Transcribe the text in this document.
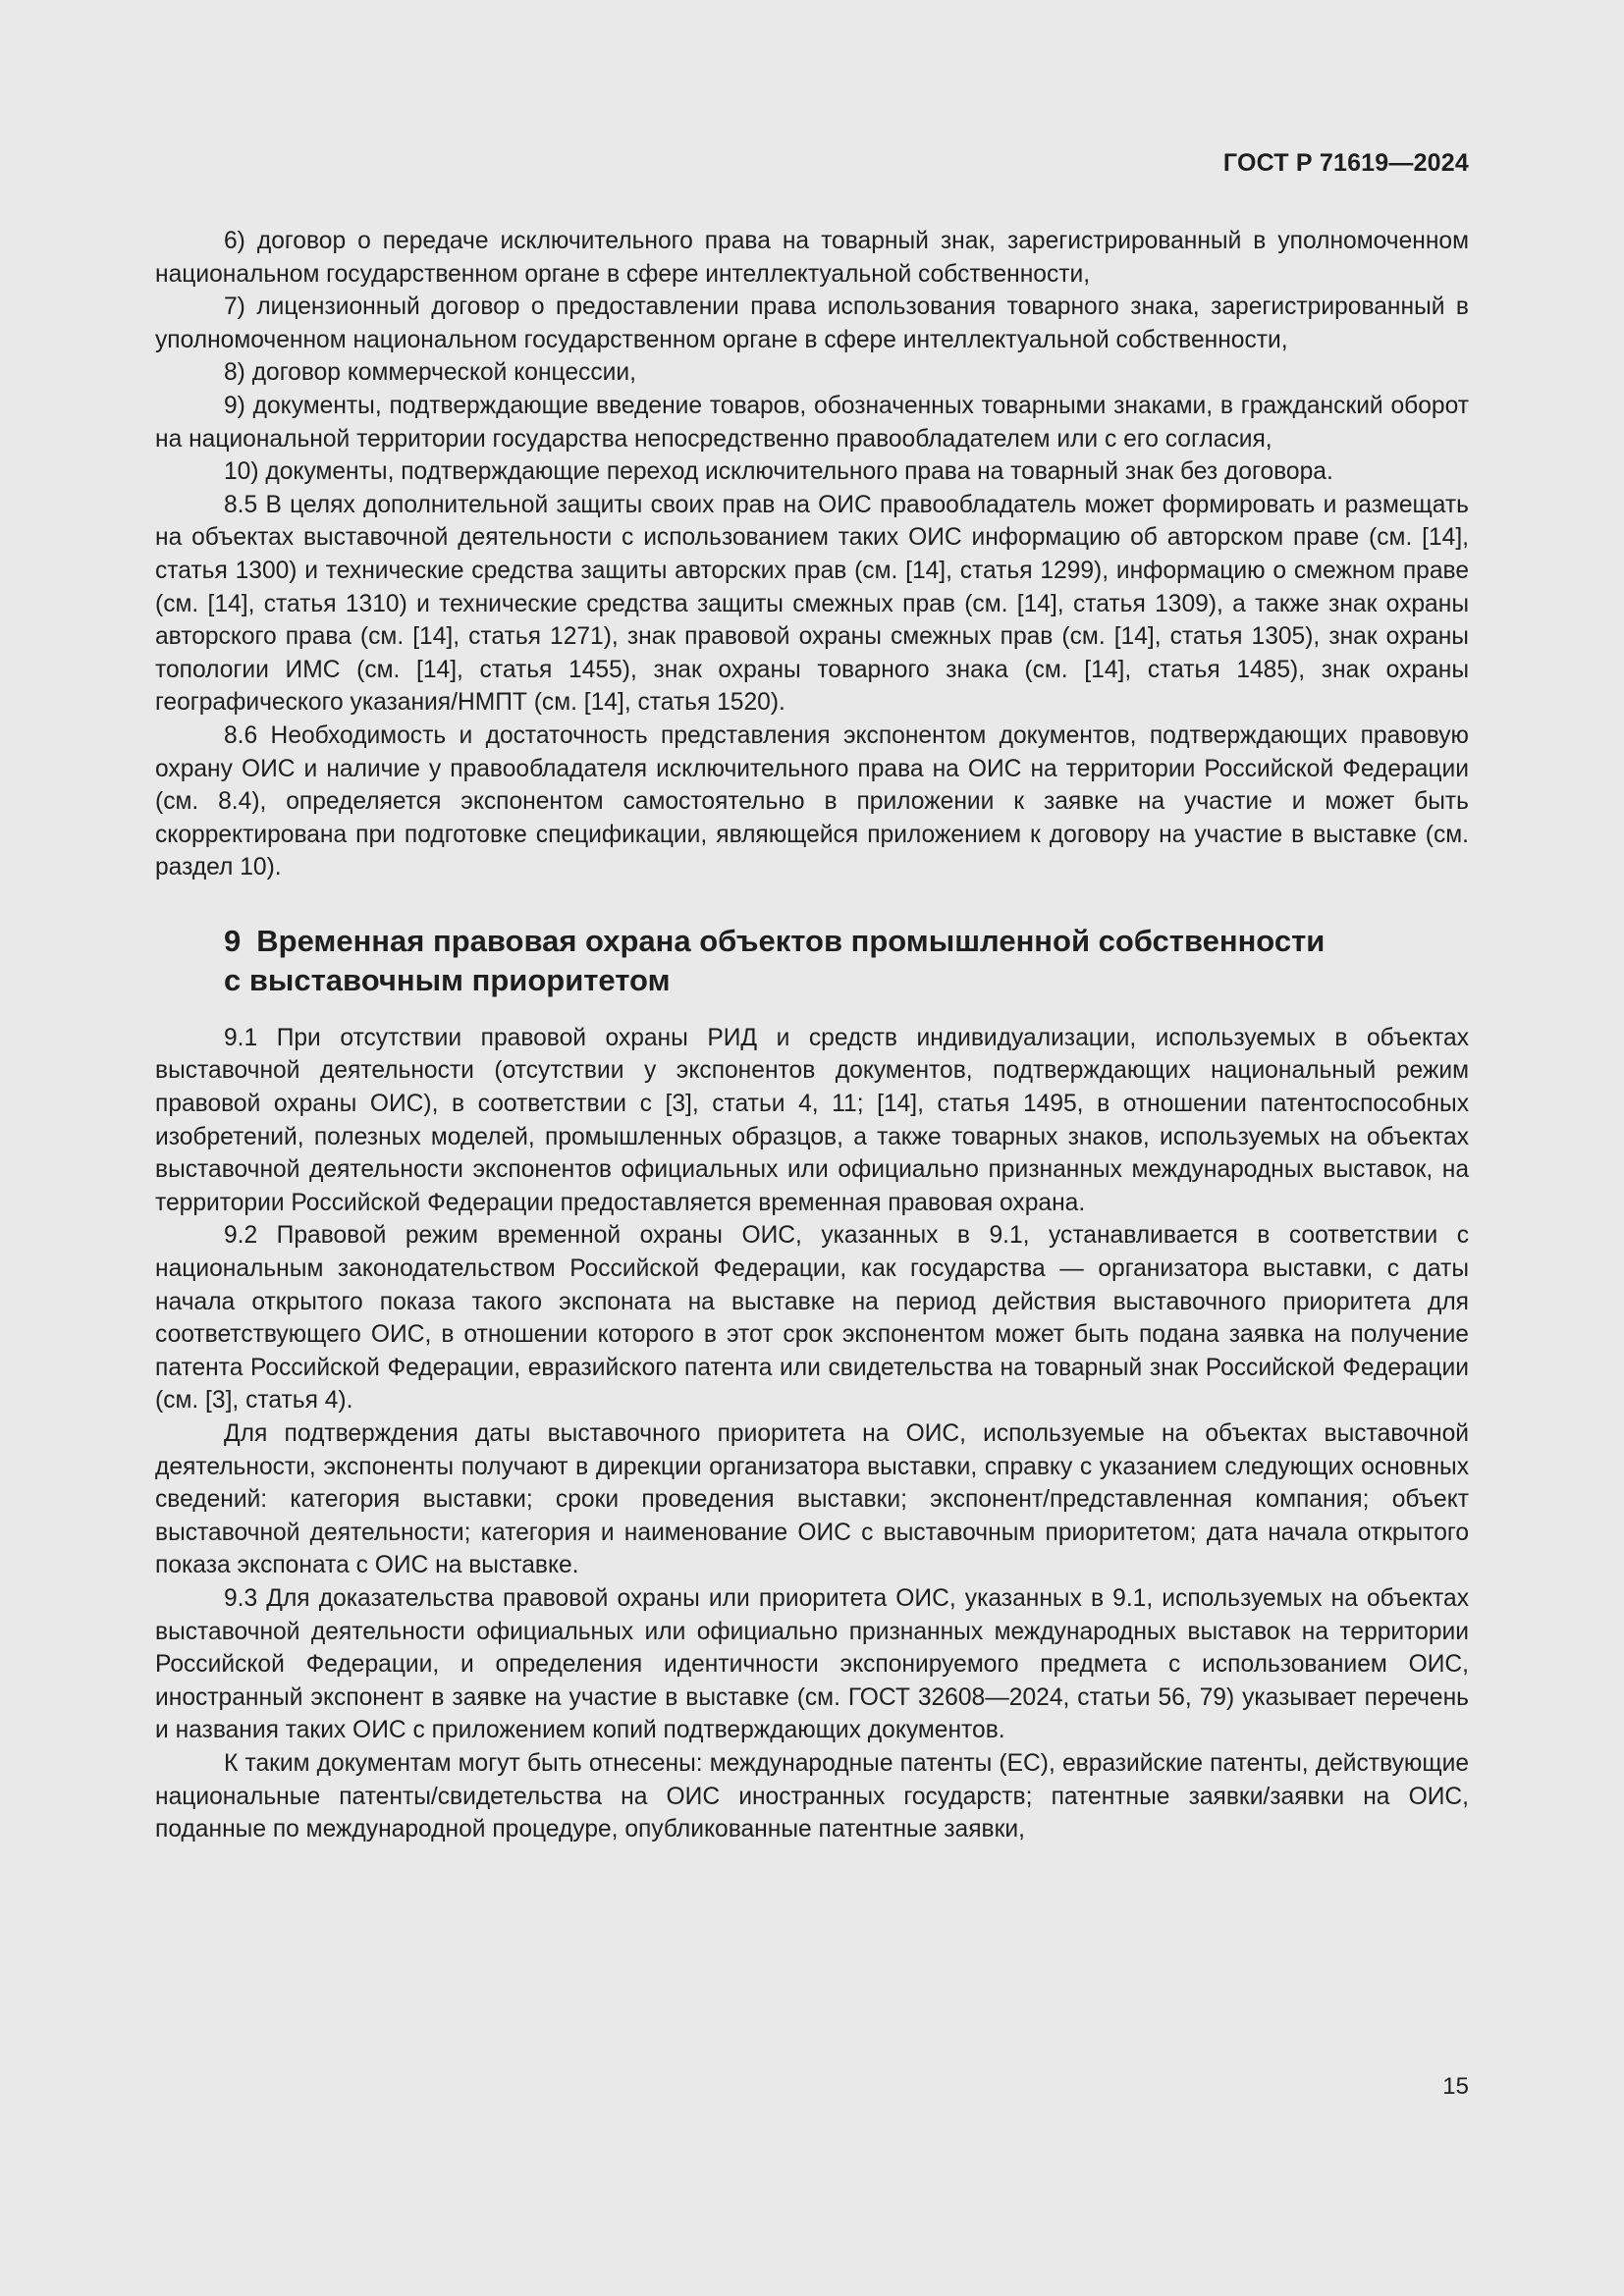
ГОСТ Р 71619—2024

6) договор о передаче исключительного права на товарный знак, зарегистрированный в уполномоченном национальном государственном органе в сфере интеллектуальной собственности,

7) лицензионный договор о предоставлении права использования товарного знака, зарегистрированный в уполномоченном национальном государственном органе в сфере интеллектуальной собственности,

8) договор коммерческой концессии,

9) документы, подтверждающие введение товаров, обозначенных товарными знаками, в гражданский оборот на национальной территории государства непосредственно правообладателем или с его согласия,

10) документы, подтверждающие переход исключительного права на товарный знак без договора.

8.5 В целях дополнительной защиты своих прав на ОИС правообладатель может формировать и размещать на объектах выставочной деятельности с использованием таких ОИС информацию об авторском праве (см. [14], статья 1300) и технические средства защиты авторских прав (см. [14], статья 1299), информацию о смежном праве (см. [14], статья 1310) и технические средства защиты смежных прав (см. [14], статья 1309), а также знак охраны авторского права (см. [14], статья 1271), знак правовой охраны смежных прав (см. [14], статья 1305), знак охраны топологии ИМС (см. [14], статья 1455), знак охраны товарного знака (см. [14], статья 1485), знак охраны географического указания/НМПТ (см. [14], статья 1520).

8.6 Необходимость и достаточность представления экспонентом документов, подтверждающих правовую охрану ОИС и наличие у правообладателя исключительного права на ОИС на территории Российской Федерации (см. 8.4), определяется экспонентом самостоятельно в приложении к заявке на участие и может быть скорректирована при подготовке спецификации, являющейся приложением к договору на участие в выставке (см. раздел 10).

9 Временная правовая охрана объектов промышленной собственности
с выставочным приоритетом

9.1 При отсутствии правовой охраны РИД и средств индивидуализации, используемых в объектах выставочной деятельности (отсутствии у экспонентов документов, подтверждающих национальный режим правовой охраны ОИС), в соответствии с [3], статьи 4, 11; [14], статья 1495, в отношении патентоспособных изобретений, полезных моделей, промышленных образцов, а также товарных знаков, используемых на объектах выставочной деятельности экспонентов официальных или официально признанных международных выставок, на территории Российской Федерации предоставляется временная правовая охрана.

9.2 Правовой режим временной охраны ОИС, указанных в 9.1, устанавливается в соответствии с национальным законодательством Российской Федерации, как государства — организатора выставки, с даты начала открытого показа такого экспоната на выставке на период действия выставочного приоритета для соответствующего ОИС, в отношении которого в этот срок экспонентом может быть подана заявка на получение патента Российской Федерации, евразийского патента или свидетельства на товарный знак Российской Федерации (см. [3], статья 4).

Для подтверждения даты выставочного приоритета на ОИС, используемые на объектах выставочной деятельности, экспоненты получают в дирекции организатора выставки, справку с указанием следующих основных сведений: категория выставки; сроки проведения выставки; экспонент/представленная компания; объект выставочной деятельности; категория и наименование ОИС с выставочным приоритетом; дата начала открытого показа экспоната с ОИС на выставке.

9.3 Для доказательства правовой охраны или приоритета ОИС, указанных в 9.1, используемых на объектах выставочной деятельности официальных или официально признанных международных выставок на территории Российской Федерации, и определения идентичности экспонируемого предмета с использованием ОИС, иностранный экспонент в заявке на участие в выставке (см. ГОСТ 32608—2024, статьи 56, 79) указывает перечень и названия таких ОИС с приложением копий подтверждающих документов.

К таким документам могут быть отнесены: международные патенты (ЕС), евразийские патенты, действующие национальные патенты/свидетельства на ОИС иностранных государств; патентные заявки/заявки на ОИС, поданные по международной процедуре, опубликованные патентные заявки,

15
